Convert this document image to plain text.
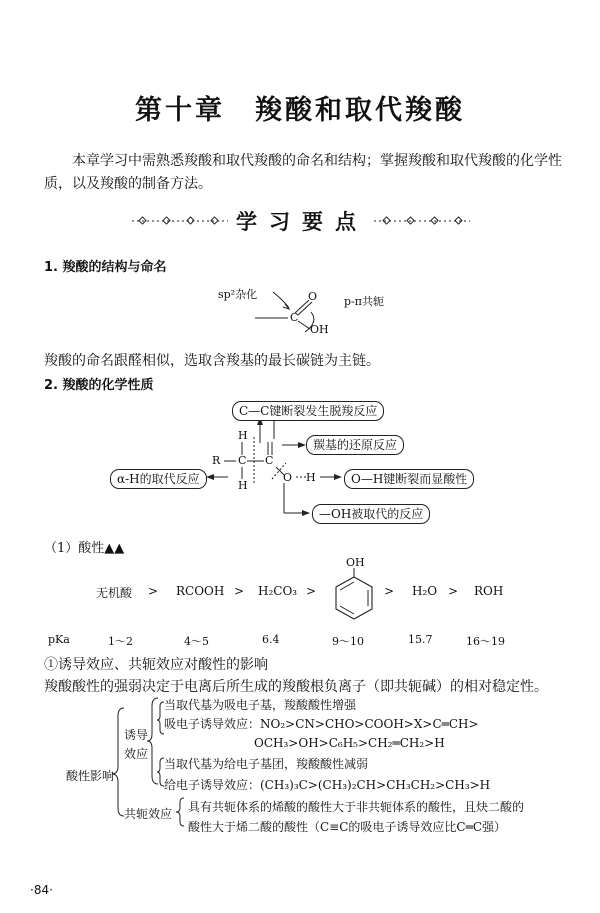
第十章 羧酸和取代羧酸
本章学习中需熟悉羧酸和取代羧酸的命名和结构；掌握羧酸和取代羧酸的化学性质，以及羧酸的制备方法。
学习要点
1. 羧酸的结构与命名
sp²杂化
p-π共轭
O
C
OH
羧酸的命名跟醛相似，选取含羧基的最长碳链为主链。
2. 羧酸的化学性质
C—C键断裂发生脱羧反应
羰基的还原反应
α-H的取代反应	O—H键断裂而显酸性
—OH被取代的反应
H
R C
H
C
O H
（1）酸性▲▲
无机酸 > RCOOH > H₂CO₃ >
OH
> H₂O > ROH
pKa	1～2	4～5	6.4	9～10	15.7	16～19
①诱导效应、共轭效应对酸性的影响
羧酸酸性的强弱决定于电离后所生成的羧酸根负离子（即共轭碱）的相对稳定性。
酸性影响
诱导
效应
共轭效应
当取代基为吸电子基，羧酸酸性增强
吸电子诱导效应：NO₂>CN>CHO>COOH>X>C═CH>
OCH₃>OH>C₆H₅>CH₂═CH₂>H
当取代基为给电子基团，羧酸酸性减弱
给电子诱导效应：(CH₃)₃C>(CH₃)₂CH>CH₃CH₂>CH₃>H
具有共轭体系的烯酸的酸性大于非共轭体系的酸性，且炔二酸的
酸性大于烯二酸的酸性（C≡C的吸电子诱导效应比C═C强）
·84·
